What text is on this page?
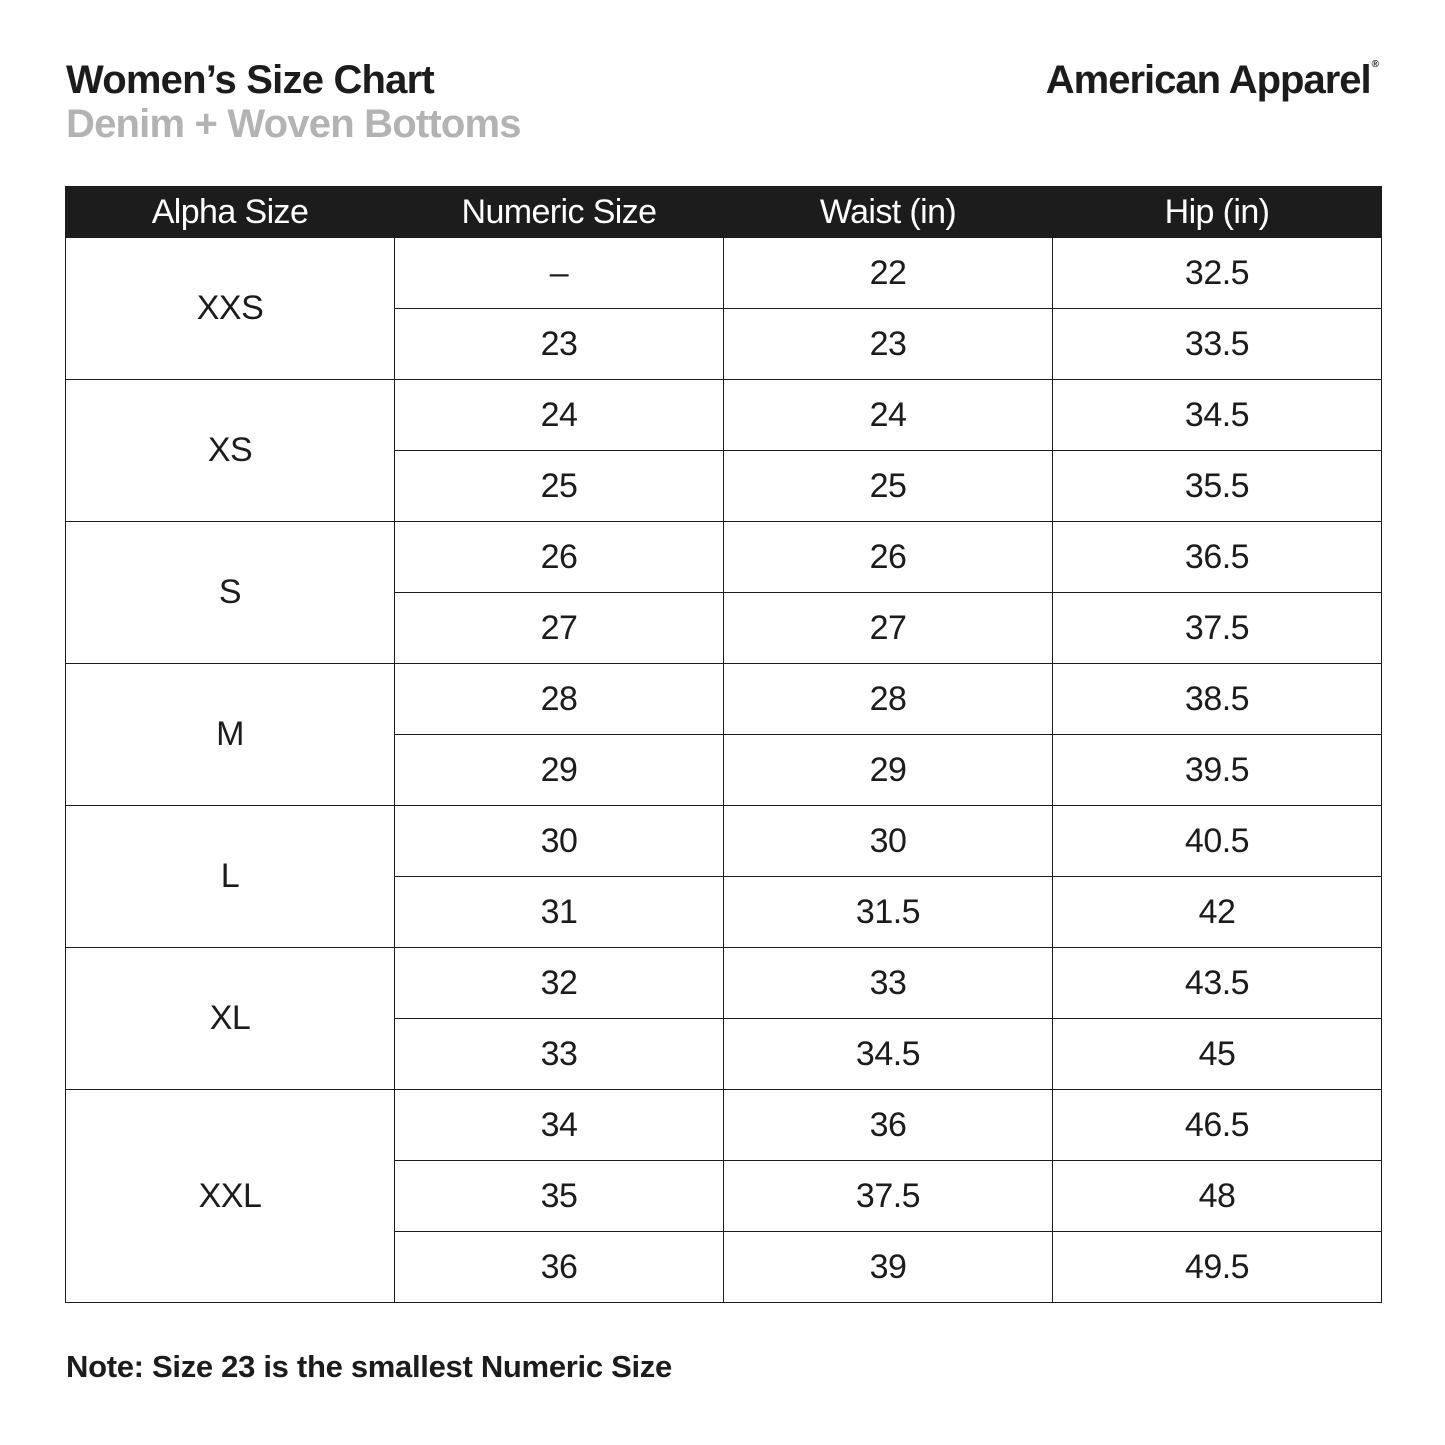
Women’s Size Chart
Denim + Woven Bottoms
American Apparel®
Alpha Size	Numeric Size	Waist (in)	Hip (in)
XXS	–	22	32.5
	23	23	33.5
XS	24	24	34.5
	25	25	35.5
S	26	26	36.5
	27	27	37.5
M	28	28	38.5
	29	29	39.5
L	30	30	40.5
	31	31.5	42
XL	32	33	43.5
	33	34.5	45
XXL	34	36	46.5
	35	37.5	48
	36	39	49.5

Note: Size 23 is the smallest Numeric Size
